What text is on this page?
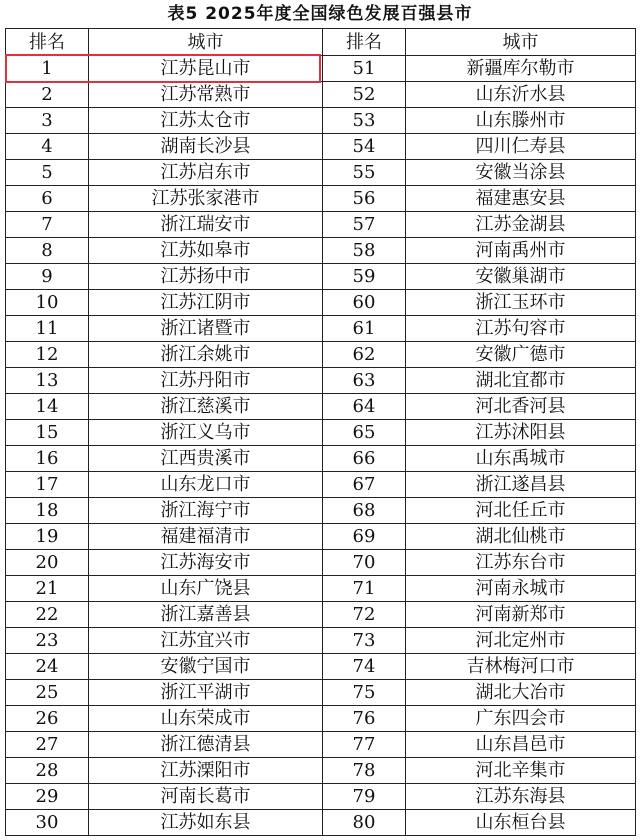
表5 2025年度全国绿色发展百强县市
排名	城市	排名	城市
1	江苏昆山市	51	新疆库尔勒市
2	江苏常熟市	52	山东沂水县
3	江苏太仓市	53	山东滕州市
4	湖南长沙县	54	四川仁寿县
5	江苏启东市	55	安徽当涂县
6	江苏张家港市	56	福建惠安县
7	浙江瑞安市	57	江苏金湖县
8	江苏如皋市	58	河南禹州市
9	江苏扬中市	59	安徽巢湖市
10	江苏江阴市	60	浙江玉环市
11	浙江诸暨市	61	江苏句容市
12	浙江余姚市	62	安徽广德市
13	江苏丹阳市	63	湖北宜都市
14	浙江慈溪市	64	河北香河县
15	浙江义乌市	65	江苏沭阳县
16	江西贵溪市	66	山东禹城市
17	山东龙口市	67	浙江遂昌县
18	浙江海宁市	68	河北任丘市
19	福建福清市	69	湖北仙桃市
20	江苏海安市	70	江苏东台市
21	山东广饶县	71	河南永城市
22	浙江嘉善县	72	河南新郑市
23	江苏宜兴市	73	河北定州市
24	安徽宁国市	74	吉林梅河口市
25	浙江平湖市	75	湖北大冶市
26	山东荣成市	76	广东四会市
27	浙江德清县	77	山东昌邑市
28	江苏溧阳市	78	河北辛集市
29	河南长葛市	79	江苏东海县
30	江苏如东县	80	山东桓台县
